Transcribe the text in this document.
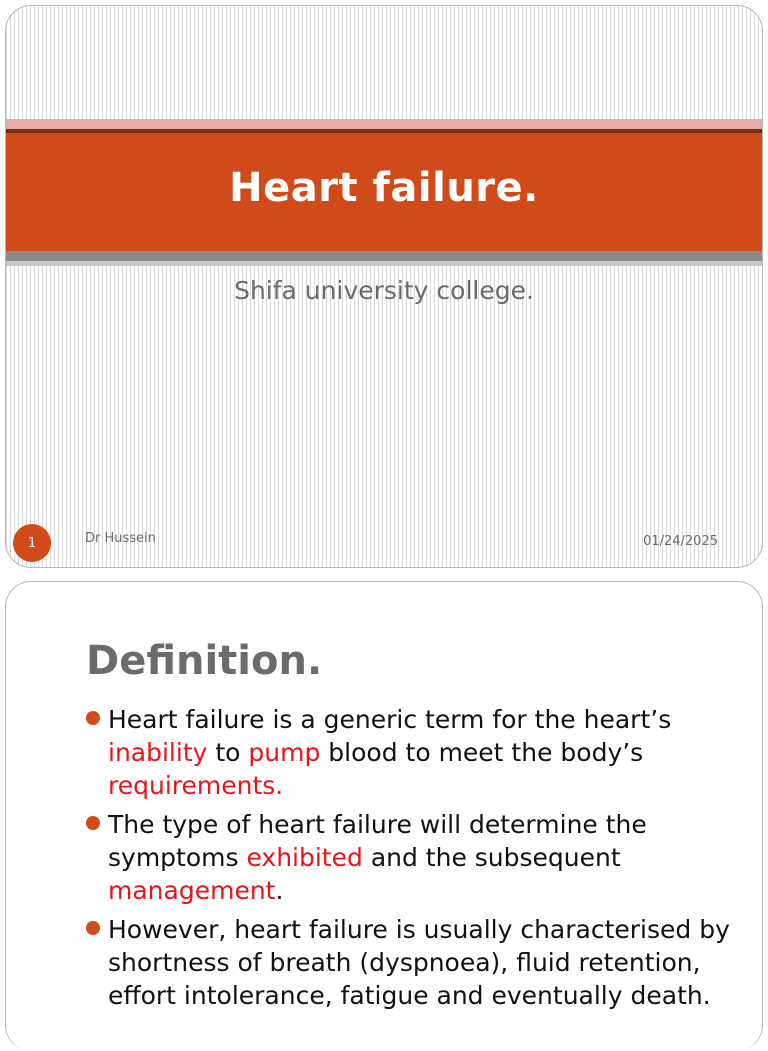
Heart failure.
Shifa university college.
1	Dr Hussein	01/24/2025
Definition.
Heart failure is a generic term for the heart’s inability to pump blood to meet the body’s requirements.
The type of heart failure will determine the symptoms exhibited and the subsequent management.
However, heart failure is usually characterised by shortness of breath (dyspnoea), fluid retention, effort intolerance, fatigue and eventually death.
